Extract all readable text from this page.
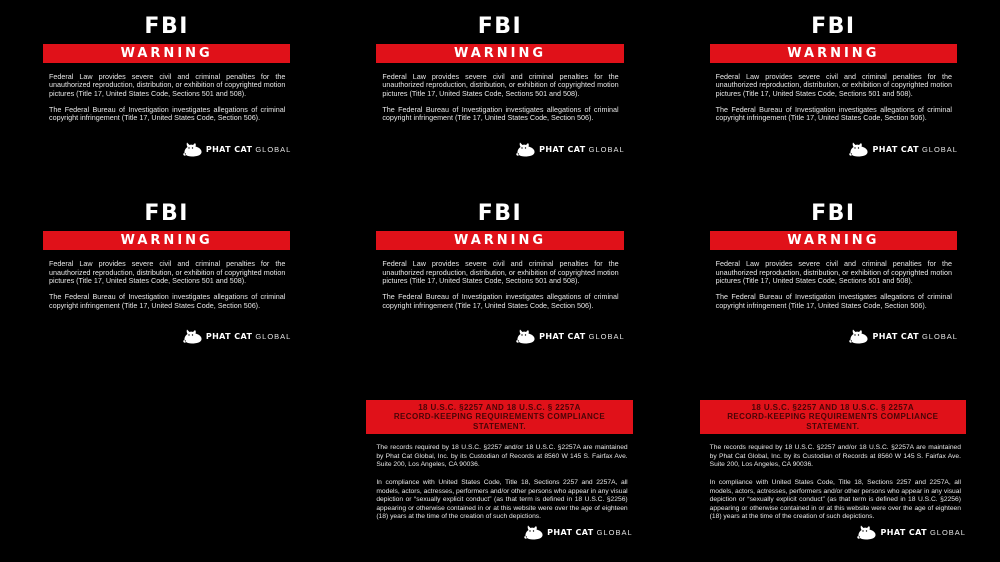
FBI
WARNING

Federal Law provides severe civil and criminal penalties for the unauthorized reproduction, distribution, or exhibition of copyrighted motion pictures (Title 17, United States Code, Sections 501 and 508).

The Federal Bureau of Investigation investigates allegations of criminal copyright infringement (Title 17, United States Code, Section 506).

PHAT CAT GLOBAL
FBI
WARNING

Federal Law provides severe civil and criminal penalties for the unauthorized reproduction, distribution, or exhibition of copyrighted motion pictures (Title 17, United States Code, Sections 501 and 508).

The Federal Bureau of Investigation investigates allegations of criminal copyright infringement (Title 17, United States Code, Section 506).

PHAT CAT GLOBAL
FBI
WARNING

Federal Law provides severe civil and criminal penalties for the unauthorized reproduction, distribution, or exhibition of copyrighted motion pictures (Title 17, United States Code, Sections 501 and 508).

The Federal Bureau of Investigation investigates allegations of criminal copyright infringement (Title 17, United States Code, Section 506).

PHAT CAT GLOBAL
FBI
WARNING

Federal Law provides severe civil and criminal penalties for the unauthorized reproduction, distribution, or exhibition of copyrighted motion pictures (Title 17, United States Code, Sections 501 and 508).

The Federal Bureau of Investigation investigates allegations of criminal copyright infringement (Title 17, United States Code, Section 506).

PHAT CAT GLOBAL
FBI
WARNING

Federal Law provides severe civil and criminal penalties for the unauthorized reproduction, distribution, or exhibition of copyrighted motion pictures (Title 17, United States Code, Sections 501 and 508).

The Federal Bureau of Investigation investigates allegations of criminal copyright infringement (Title 17, United States Code, Section 506).

PHAT CAT GLOBAL
FBI
WARNING

Federal Law provides severe civil and criminal penalties for the unauthorized reproduction, distribution, or exhibition of copyrighted motion pictures (Title 17, United States Code, Sections 501 and 508).

The Federal Bureau of Investigation investigates allegations of criminal copyright infringement (Title 17, United States Code, Section 506).

PHAT CAT GLOBAL
18 U.S.C. §2257 AND 18 U.S.C. § 2257A
RECORD-KEEPING REQUIREMENTS COMPLIANCE STATEMENT.

The records required by 18 U.S.C. §2257 and/or 18 U.S.C. §2257A are maintained by Phat Cat Global, Inc. by its Custodian of Records at 8560 W 145 S. Fairfax Ave. Suite 200, Los Angeles, CA 90036.

In compliance with United States Code, Title 18, Sections 2257 and 2257A, all models, actors, actresses, performers and/or other persons who appear in any visual depiction or “sexually explicit conduct” (as that term is defined in 18 U.S.C. §2256) appearing or otherwise contained in or at this website were over the age of eighteen (18) years at the time of the creation of such depictions.

PHAT CAT GLOBAL
18 U.S.C. §2257 AND 18 U.S.C. § 2257A
RECORD-KEEPING REQUIREMENTS COMPLIANCE STATEMENT.

The records required by 18 U.S.C. §2257 and/or 18 U.S.C. §2257A are maintained by Phat Cat Global, Inc. by its Custodian of Records at 8560 W 145 S. Fairfax Ave. Suite 200, Los Angeles, CA 90036.

In compliance with United States Code, Title 18, Sections 2257 and 2257A, all models, actors, actresses, performers and/or other persons who appear in any visual depiction or “sexually explicit conduct” (as that term is defined in 18 U.S.C. §2256) appearing or otherwise contained in or at this website were over the age of eighteen (18) years at the time of the creation of such depictions.

PHAT CAT GLOBAL
